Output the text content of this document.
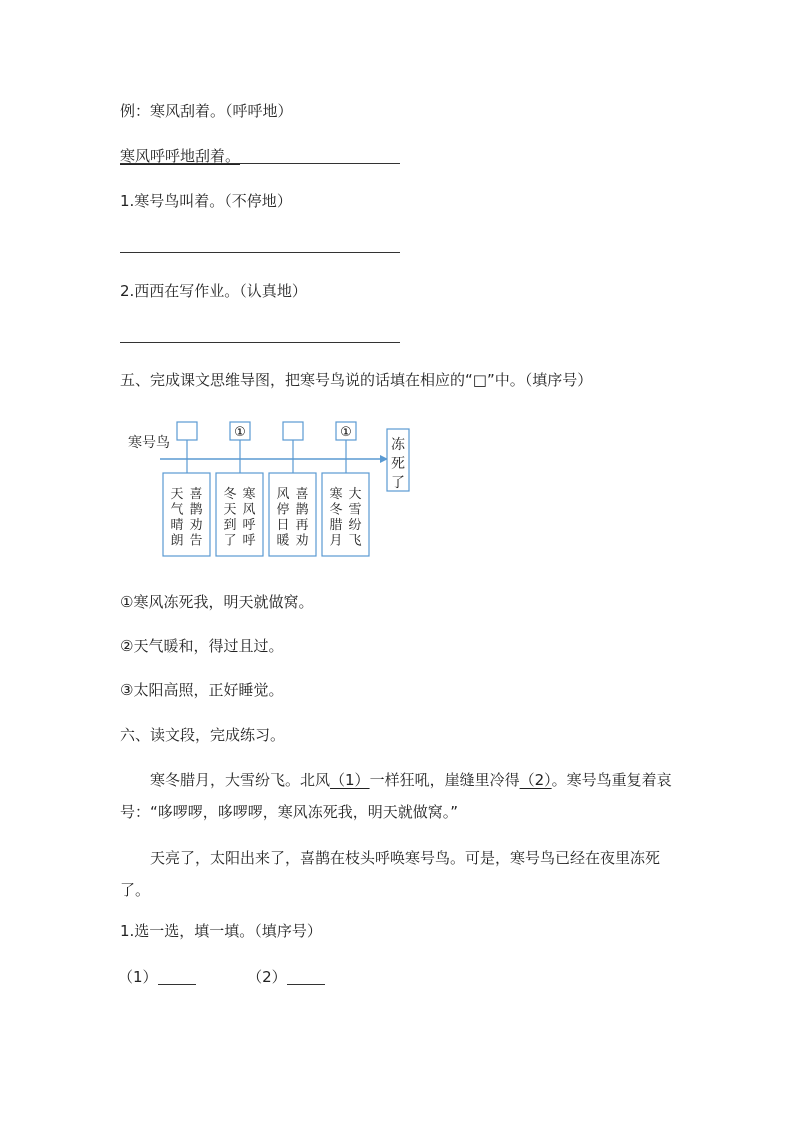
例：寒风刮着。（呼呼地）
寒风呼呼地刮着。
1.寒号鸟叫着。（不停地）
2.西西在写作业。（认真地）
五、完成课文思维导图，把寒号鸟说的话填在相应的“□”中。（填序号）
寒号鸟
①	①
喜
鹊
劝
告
天
气
晴
朗
寒
风
呼
呼
冬
天
到
了
喜
鹊
再
劝
风
停
日
暖
大
雪
纷
飞
寒
冬
腊
月
冻
死
了
①寒风冻死我，明天就做窝。
②天气暖和，得过且过。
③太阳高照，正好睡觉。
六、读文段，完成练习。
寒冬腊月，大雪纷飞。北风（1）一样狂吼，崖缝里冷得（2）。寒号鸟重复着哀号：“哆啰啰，哆啰啰，寒风冻死我，明天就做窝。”
天亮了，太阳出来了，喜鹊在枝头呼唤寒号鸟。可是，寒号鸟已经在夜里冻死了。
1.选一选，填一填。（填序号）
（1）	（2）
